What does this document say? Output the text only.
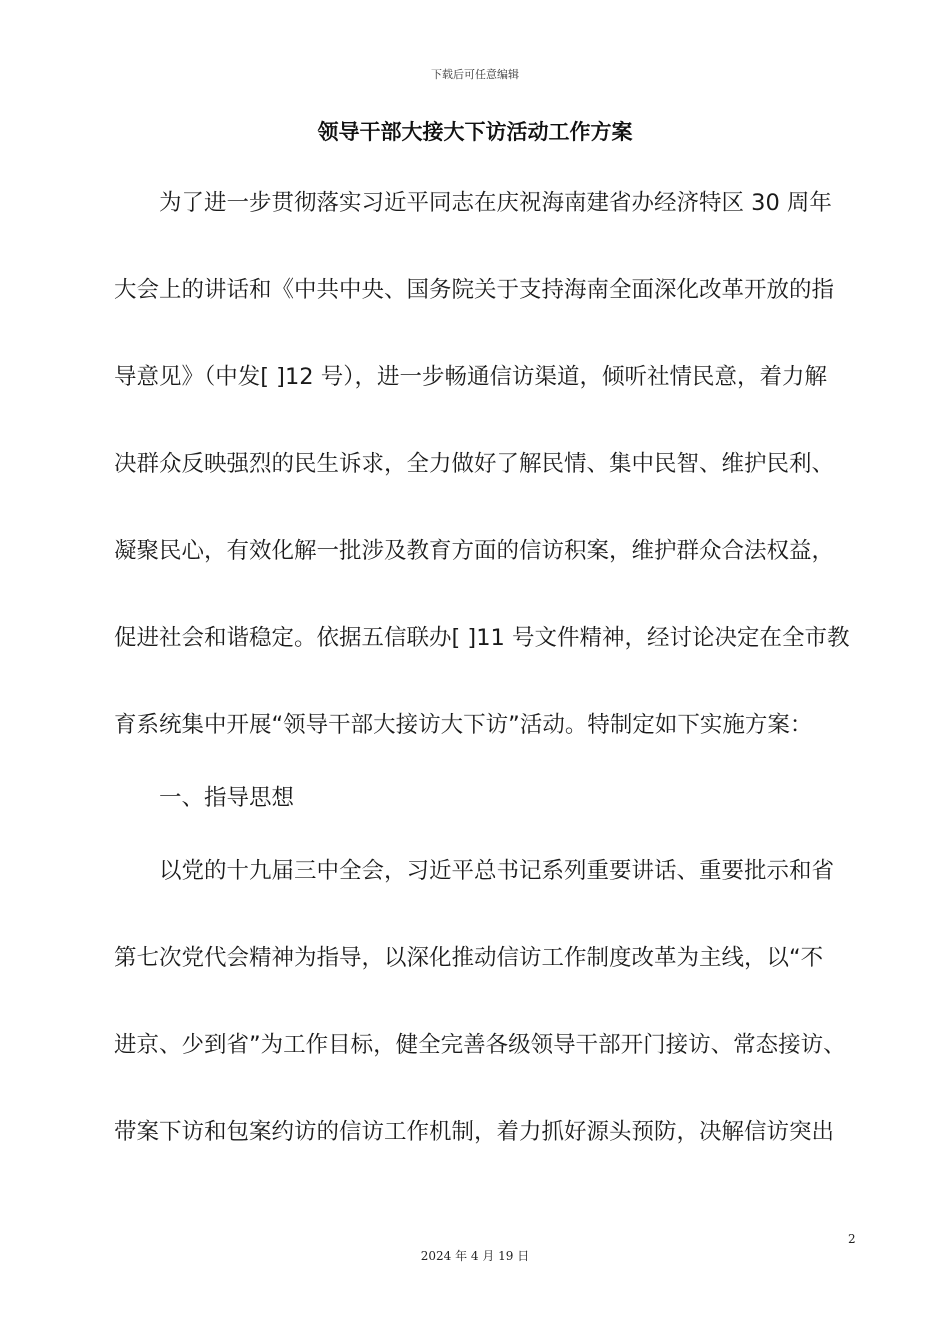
下载后可任意编辑
领导干部大接大下访活动工作方案
为了进一步贯彻落实习近平同志在庆祝海南建省办经济特区 30 周年
大会上的讲话和《中共中央、国务院关于支持海南全面深化改革开放的指
导意见》（中发[ ]12 号），进一步畅通信访渠道，倾听社情民意，着力解
决群众反映强烈的民生诉求，全力做好了解民情、集中民智、维护民利、
凝聚民心，有效化解一批涉及教育方面的信访积案，维护群众合法权益，
促进社会和谐稳定。依据五信联办[ ]11 号文件精神，经讨论决定在全市教
育系统集中开展“领导干部大接访大下访”活动。特制定如下实施方案：
一、指导思想
以党的十九届三中全会，习近平总书记系列重要讲话、重要批示和省
第七次党代会精神为指导，以深化推动信访工作制度改革为主线，以“不
进京、少到省”为工作目标，健全完善各级领导干部开门接访、常态接访、
带案下访和包案约访的信访工作机制，着力抓好源头预防，决解信访突出
2
2024 年 4 月 19 日
